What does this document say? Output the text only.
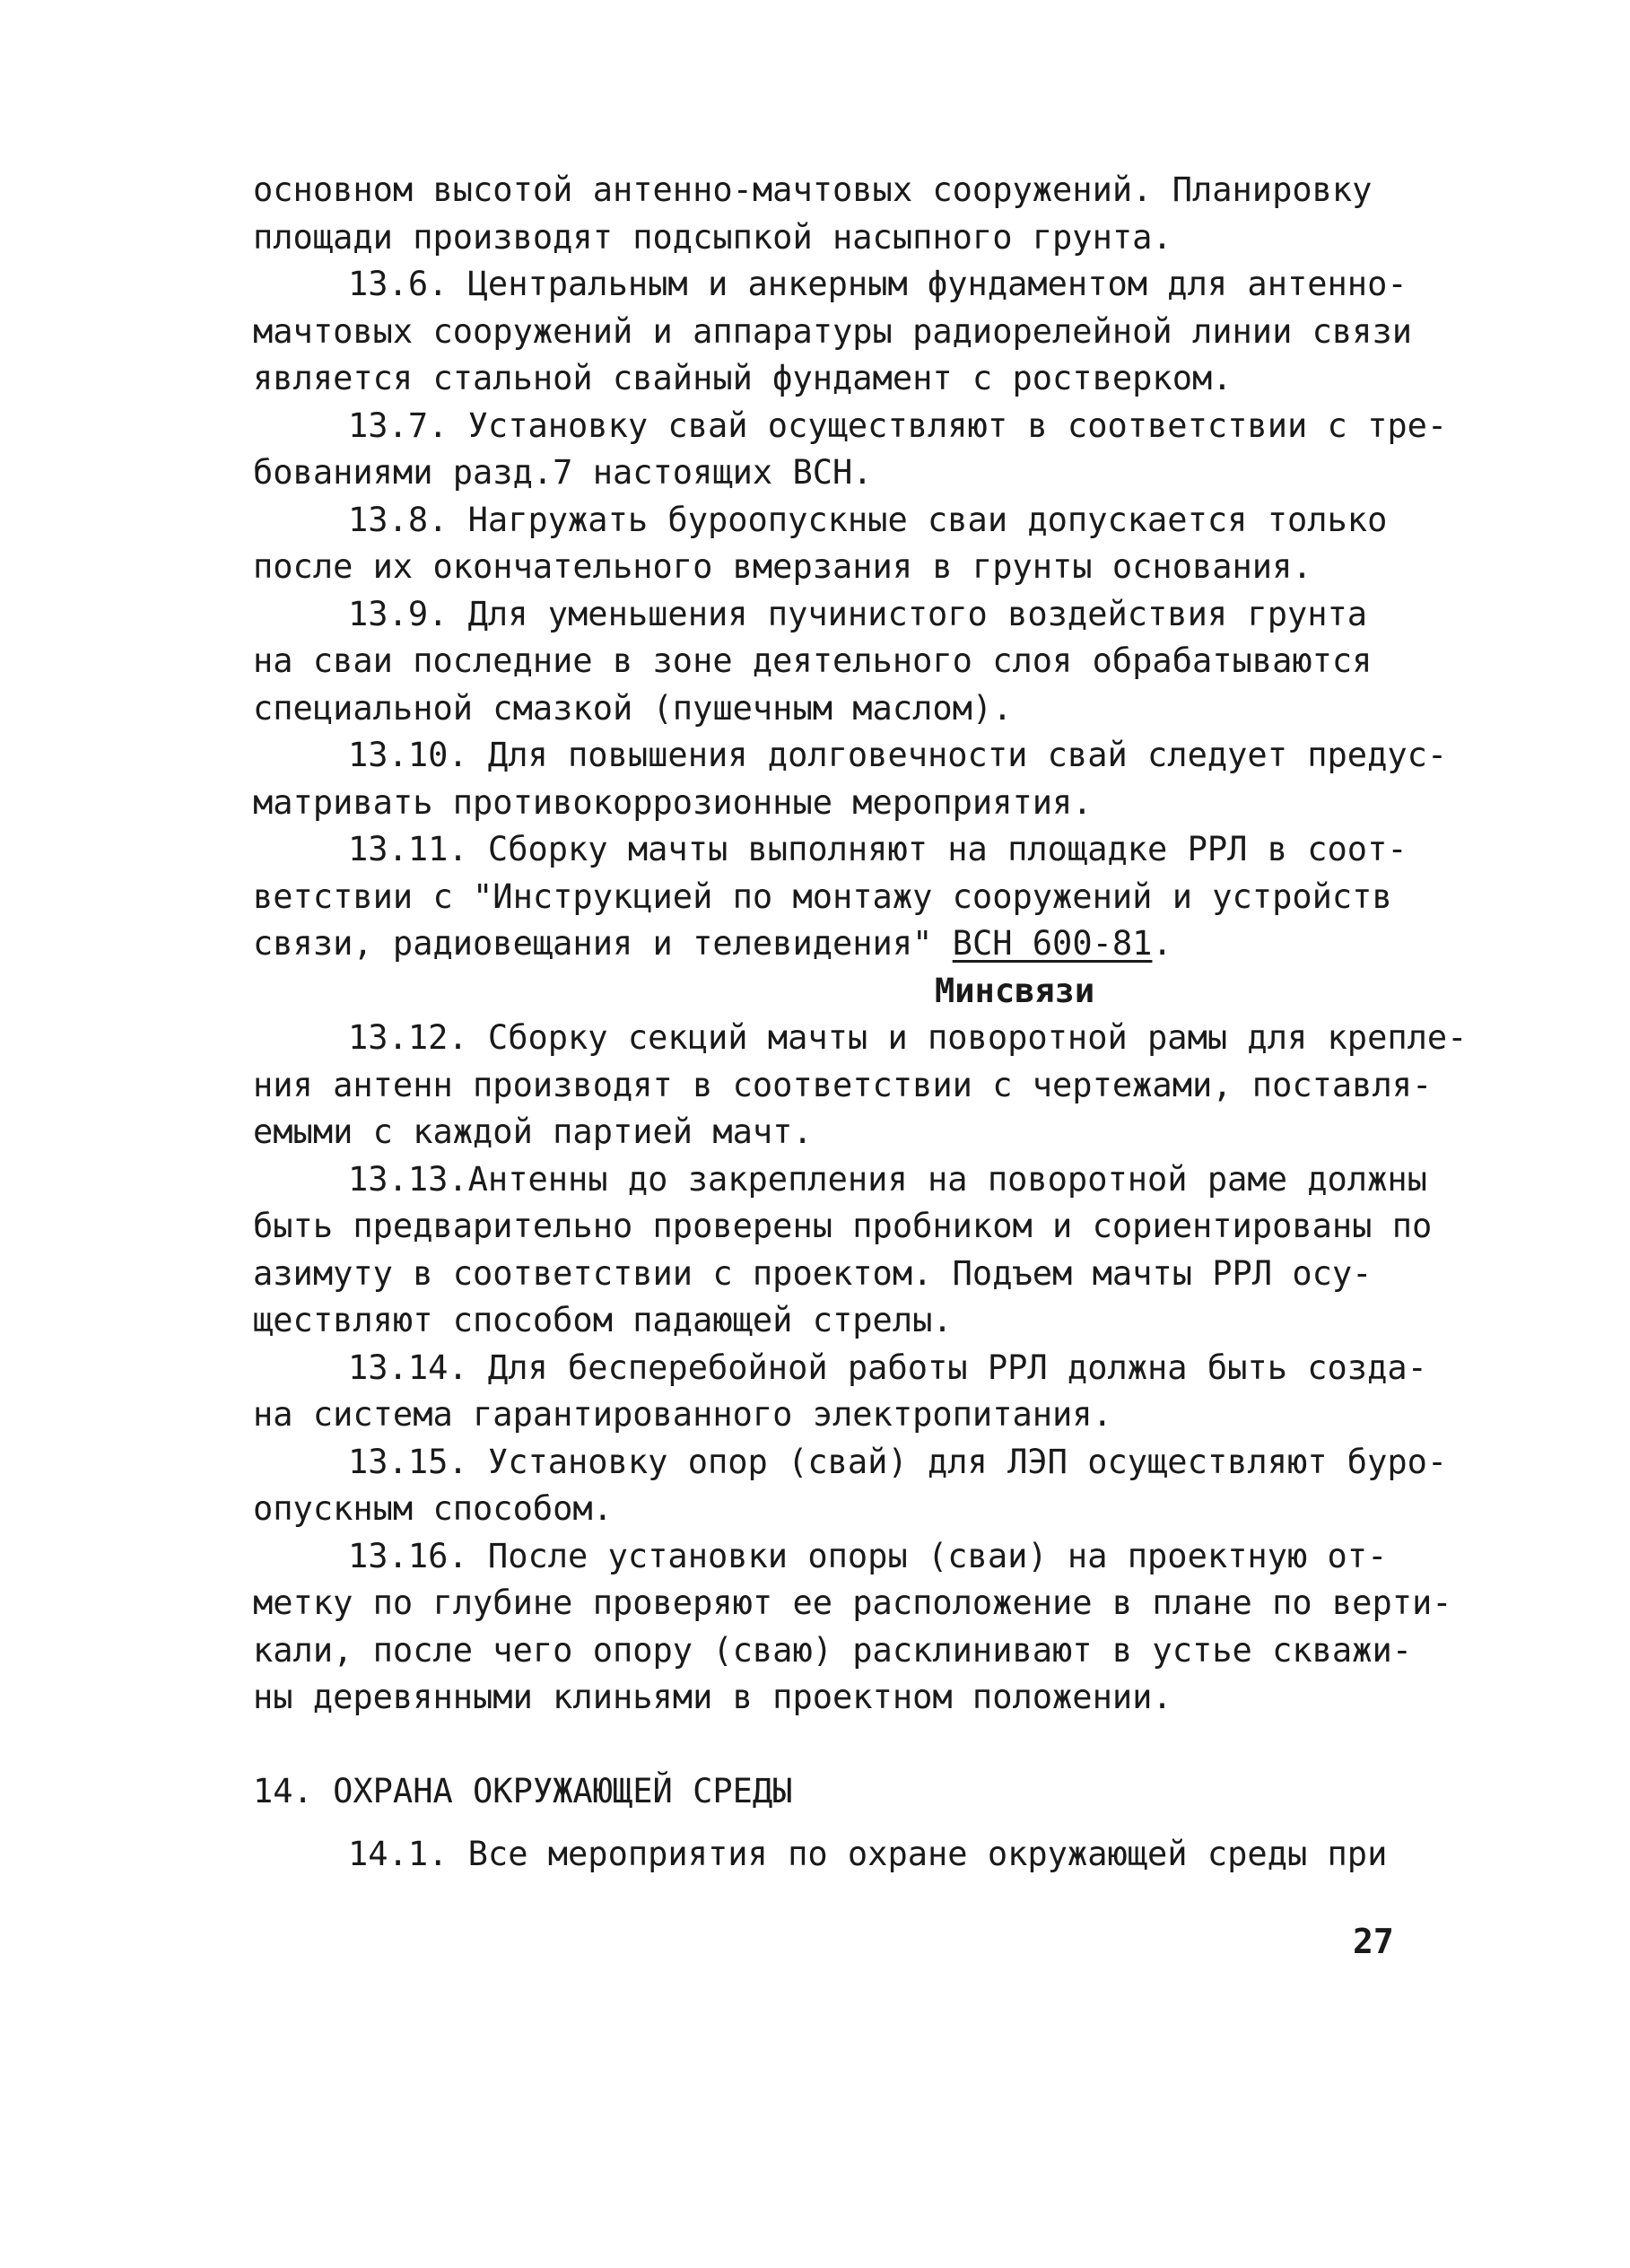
основном высотой антенно-мачтовых сооружений. Планировку
площади производят подсыпкой насыпного грунта.
13.6. Центральным и анкерным фундаментом для антенно-
мачтовых сооружений и аппаратуры радиорелейной линии связи
является стальной свайный фундамент с ростверком.
13.7. Установку свай осуществляют в соответствии с тре-
бованиями разд.7 настоящих ВСН.
13.8. Нагружать буроопускные сваи допускается только
после их окончательного вмерзания в грунты основания.
13.9. Для уменьшения пучинистого воздействия грунта
на сваи последние в зоне деятельного слоя обрабатываются
специальной смазкой (пушечным маслом).
13.10. Для повышения долговечности свай следует предус-
матривать противокоррозионные мероприятия.
13.11. Сборку мачты выполняют на площадке РРЛ в соот-
ветствии с "Инструкцией по монтажу сооружений и устройств
связи, радиовещания и телевидения" ВСН 600-81.
Минсвязи
13.12. Сборку секций мачты и поворотной рамы для крепле-
ния антенн производят в соответствии с чертежами, поставля-
емыми с каждой партией мачт.
13.13.Антенны до закрепления на поворотной раме должны
быть предварительно проверены пробником и сориентированы по
азимуту в соответствии с проектом. Подъем мачты РРЛ осу-
ществляют способом падающей стрелы.
13.14. Для бесперебойной работы РРЛ должна быть созда-
на система гарантированного электропитания.
13.15. Установку опор (свай) для ЛЭП осуществляют буро-
опускным способом.
13.16. После установки опоры (сваи) на проектную от-
метку по глубине проверяют ее расположение в плане по верти-
кали, после чего опору (сваю) расклинивают в устье скважи-
ны деревянными клиньями в проектном положении.
14. ОХРАНА ОКРУЖАЮЩЕЙ СРЕДЫ
14.1. Все мероприятия по охране окружающей среды при
27
